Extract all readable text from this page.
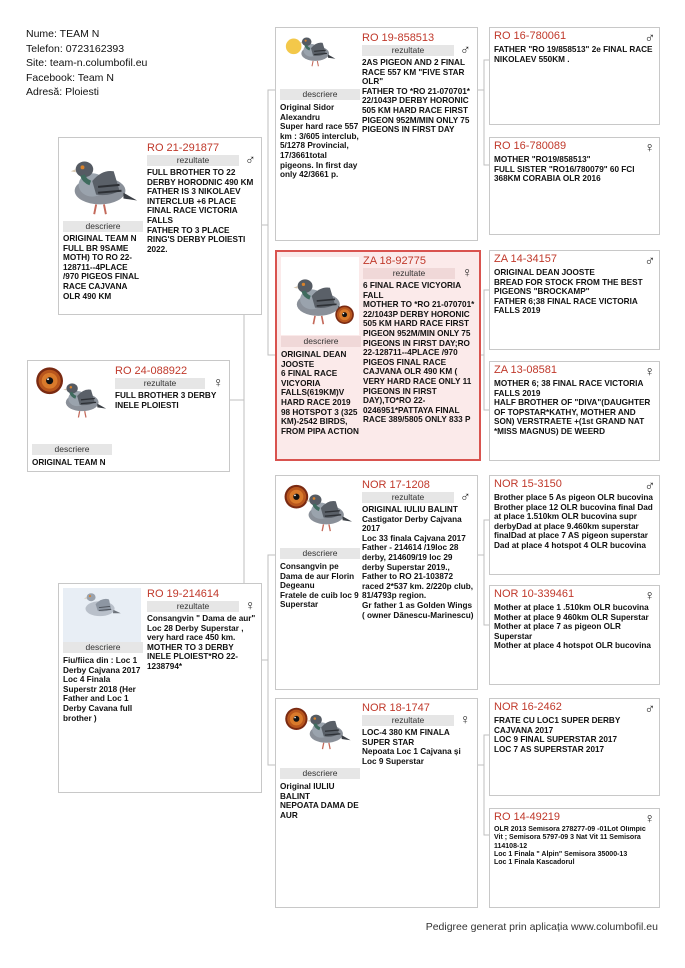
Nume: TEAM N
Telefon: 0723162393
Site: team-n.columbofil.eu
Facebook: Team N
Adresă: Ploiesti
descriere
RO 24-088922
rezultate	♀
FULL BROTHER 3 DERBY INELE PLOIESTI
ORIGINAL TEAM N
descriere
RO 21-291877
rezultate	♂
FULL BROTHER TO 22 DERBY HORODNIC 490 KM
FATHER IS 3 NIKOLAEV INTERCLUB +6 PLACE FINAL RACE VICTORIA FALLS
FATHER TO 3 PLACE RING'S DERBY PLOIESTI 2022.
ORIGINAL TEAM N
FULL BR 9SAME MOTH) TO RO 22-128711--4PLACE /970 PIGEOS FINAL RACE CAJVANA OLR 490 KM
descriere
RO 19-214614
rezultate	♀
Consangvin " Dama de aur"
Loc 28 Derby Superstar , very hard race 450 km.
MOTHER TO 3 DERBY INELE PLOIEST*RO 22-1238794*
Fiu/fiica din : Loc 1 Derby Cajvana 2017 Loc 4 Finala Superstr 2018 (Her Father and Loc 1 Derby Cavana full brother )
descriere
RO 19-858513
rezultate	♂
2AS PIGEON AND 2 FINAL RACE 557 KM "FIVE STAR OLR"
FATHER TO *RO 21-070701* 22/1043P DERBY HORONIC 505 KM HARD RACE FIRST PIGEON 952M/MIN ONLY 75 PIGEONS IN FIRST DAY
Original Sidor Alexandru
Super hard race 557 km : 3/605 interclub, 5/1278 Provincial, 17/3661total pigeons. In first day only 42/3661 p.
descriere
ZA 18-92775
rezultate	♀
6 FINAL RACE VICYORIA FALL
MOTHER TO *RO 21-070701* 22/1043P DERBY HORONIC 505 KM HARD RACE FIRST PIGEON 952M/MIN ONLY 75 PIGEONS IN FIRST DAY;RO 22-128711--4PLACE /970 PIGEOS FINAL RACE CAJVANA OLR 490 KM ( VERY HARD RACE ONLY 11 PIGEONS IN FIRST DAY),TO*RO 22-0246951*PATTAYA FINAL RACE 389/5805 ONLY 833 P
ORIGINAL DEAN JOOSTE
6 FINAL RACE VICYORIA FALLS(619KM)V HARD RACE 2019
98 HOTSPOT 3 (325 KM)-2542 BIRDS, FROM PIPA ACTION
descriere
NOR 17-1208
rezultate	♂
ORIGINAL IULIU BALINT
Castigator Derby Cajvana 2017
Loc 33 finala Cajvana 2017
Father - 214614 /19loc 28 derby, 214609/19 loc 29 derby Superstar 2019.,
Father to RO 21-103872 raced 2*537 km. 2/220p club, 81/4793p region.
Gr father 1 as Golden Wings ( owner Dănescu-Marinescu)
Consangvin pe Dama de aur Florin Degeanu
Fratele de cuib loc 9 Superstar
descriere
NOR 18-1747
rezultate	♀
LOC-4 380 KM FINALA SUPER STAR
Nepoata Loc 1 Cajvana și Loc 9 Superstar
Original IULIU BALINT
NEPOATA DAMA DE AUR
RO 16-780061	♂
FATHER "RO 19/858513" 2e FINAL RACE NIKOLAEV 550KM .
RO 16-780089	♀
MOTHER "RO19/858513"
FULL SISTER "RO16/780079" 60 FCI 368KM CORABIA OLR 2016
ZA 14-34157	♂
ORIGINAL DEAN JOOSTE
BREAD FOR STOCK FROM THE BEST PIGEONS "BROCKAMP"
FATHER 6;38 FINAL RACE VICTORIA FALLS 2019
ZA 13-08581	♀
MOTHER 6; 38 FINAL RACE VICTORIA FALLS 2019
HALF BROTHER OF "DIVA"(DAUGHTER OF TOPSTAR*KATHY, MOTHER AND SON) VERSTRAETE +(1st GRAND NAT *MISS MAGNUS) DE WEERD
NOR 15-3150	♂
Brother place 5 As pigeon OLR bucovina Brother place 12 OLR bucovina final Dad at place 1.510km OLR bucovina supr derbyDad at place 9.460km superstar finalDad at place 7 AS pigeon superstar Dad at place 4 hotspot 4 OLR bucovina
NOR 10-339461	♀
Mother at place 1 .510km OLR bucovina
Mother at place 9 460km OLR Superstar
Mother at place 7 as pigeon OLR Superstar
Mother at place 4 hotspot OLR bucovina
NOR 16-2462	♂
FRATE CU LOC1 SUPER DERBY CAJVANA 2017
LOC 9 FINAL SUPERSTAR 2017
LOC 7 AS SUPERSTAR 2017
RO 14-49219	♀
OLR 2013 Semisora 278277-09 -01Lot Olimpic Vit ; Semisora 5797-09 3 Nat Vit 11 Semisora 114108-12
Loc 1 Finala " Alpin" Semisora 35000-13
Loc 1 Finala Kascadorul
Pedigree generat prin aplicația www.columbofil.eu
